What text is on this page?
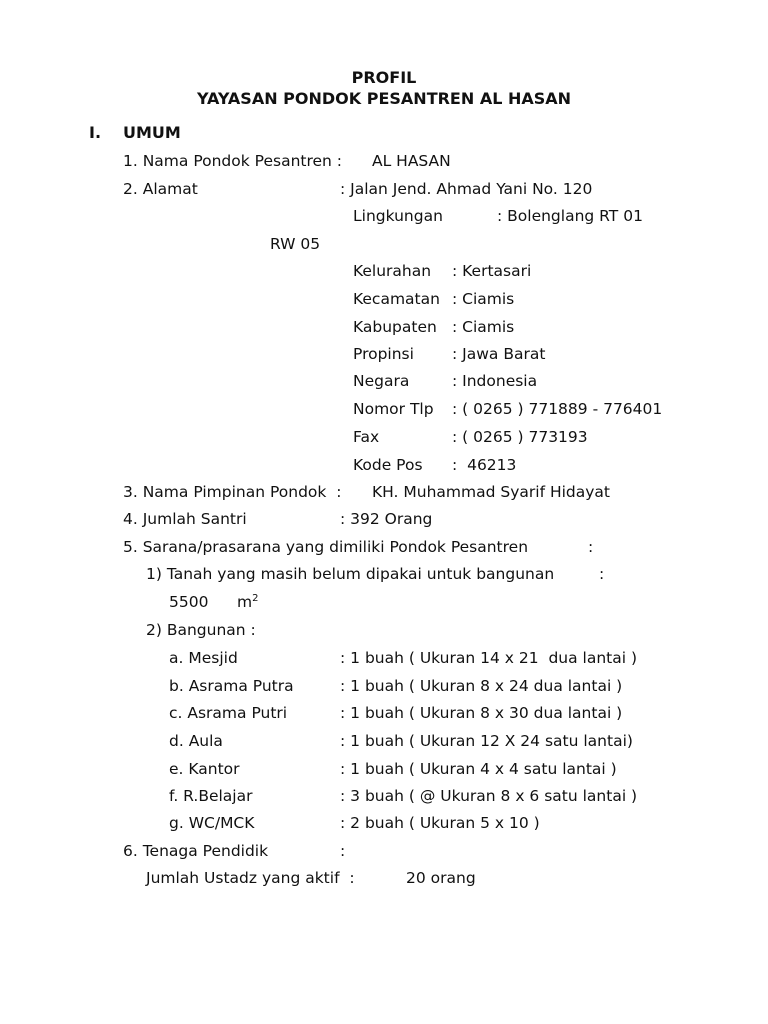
PROFIL
YAYASAN PONDOK PESANTREN AL HASAN
I. UMUM
1. Nama Pondok Pesantren : AL HASAN
2. Alamat	: Jalan Jend. Ahmad Yani No. 120
Lingkungan	: Bolenglang RT 01
RW 05
Kelurahan : Kertasari
Kecamatan : Ciamis
Kabupaten : Ciamis
Propinsi : Jawa Barat
Negara	: Indonesia
Nomor Tlp : ( 0265 ) 771889 - 776401
Fax	: ( 0265 ) 773193
Kode Pos :  46213
3. Nama Pimpinan Pondok  : KH. Muhammad Syarif Hidayat
4. Jumlah Santri	: 392 Orang
5. Sarana/prasarana yang dimiliki Pondok Pesantren	:
1) Tanah yang masih belum dipakai untuk bangunan	:
5500 $m^2$
2) Bangunan :
a. Mesjid	: 1 buah ( Ukuran 14 x 21  dua lantai )
b. Asrama Putra	: 1 buah ( Ukuran 8 x 24 dua lantai )
c. Asrama Putri	: 1 buah ( Ukuran 8 x 30 dua lantai )
d. Aula	: 1 buah ( Ukuran 12 X 24 satu lantai)
e. Kantor	: 1 buah ( Ukuran 4 x 4 satu lantai )
f. R.Belajar	: 3 buah ( @ Ukuran 8 x 6 satu lantai )
g. WC/MCK	: 2 buah ( Ukuran 5 x 10 )
6. Tenaga Pendidik	:
Jumlah Ustadz yang aktif  :	20 orang
